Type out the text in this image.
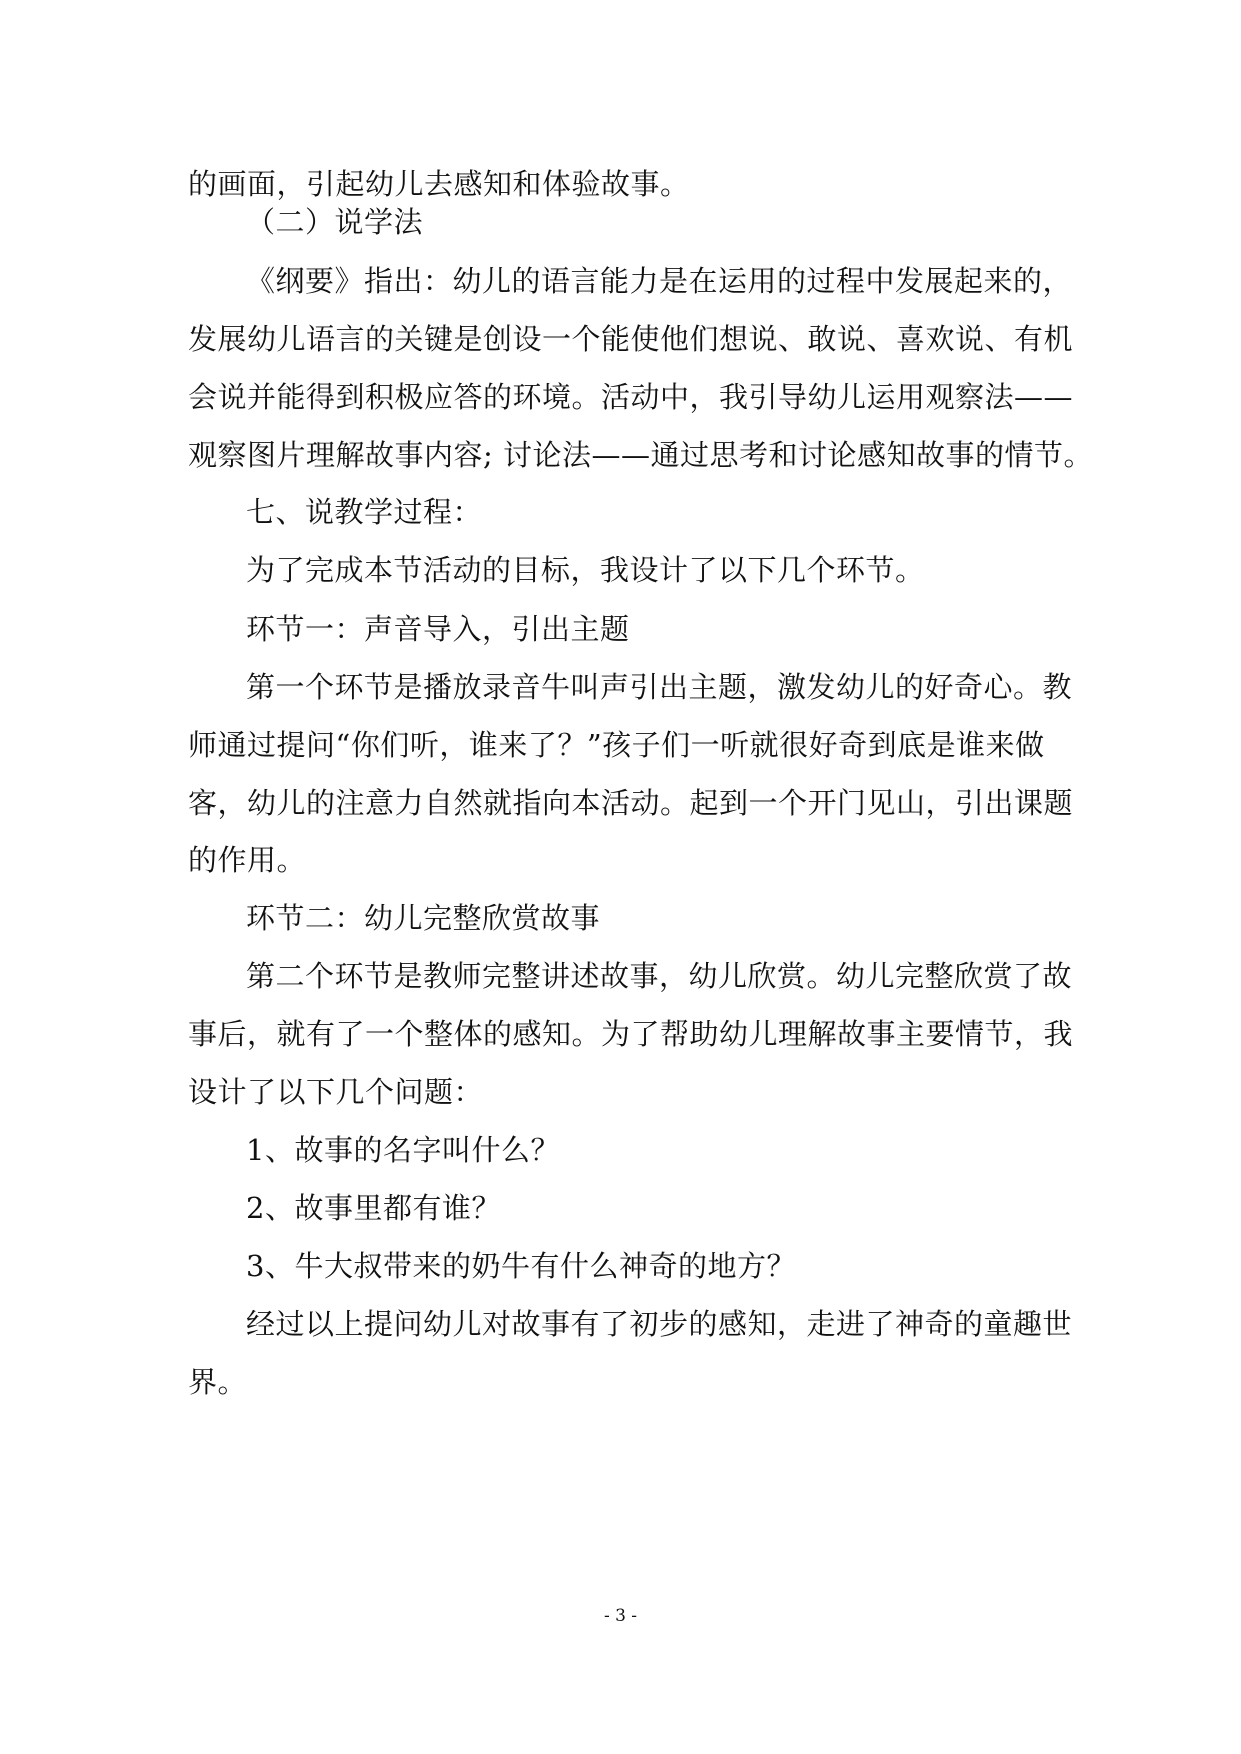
的画面，引起幼儿去感知和体验故事。
（二）说学法
《纲要》指出：幼儿的语言能力是在运用的过程中发展起来的，
发展幼儿语言的关键是创设一个能使他们想说、敢说、喜欢说、有机
会说并能得到积极应答的环境。活动中，我引导幼儿运用观察法——
观察图片理解故事内容; 讨论法——通过思考和讨论感知故事的情节。
七、说教学过程：
为了完成本节活动的目标，我设计了以下几个环节。
环节一：声音导入，引出主题
第一个环节是播放录音牛叫声引出主题，激发幼儿的好奇心。教
师通过提问“你们听，谁来了？”孩子们一听就很好奇到底是谁来做
客，幼儿的注意力自然就指向本活动。起到一个开门见山，引出课题
的作用。
环节二：幼儿完整欣赏故事
第二个环节是教师完整讲述故事，幼儿欣赏。幼儿完整欣赏了故
事后，就有了一个整体的感知。为了帮助幼儿理解故事主要情节，我
设计了以下几个问题：
1、故事的名字叫什么？
2、故事里都有谁？
3、牛大叔带来的奶牛有什么神奇的地方？
经过以上提问幼儿对故事有了初步的感知，走进了神奇的童趣世
界。
- 3 -
